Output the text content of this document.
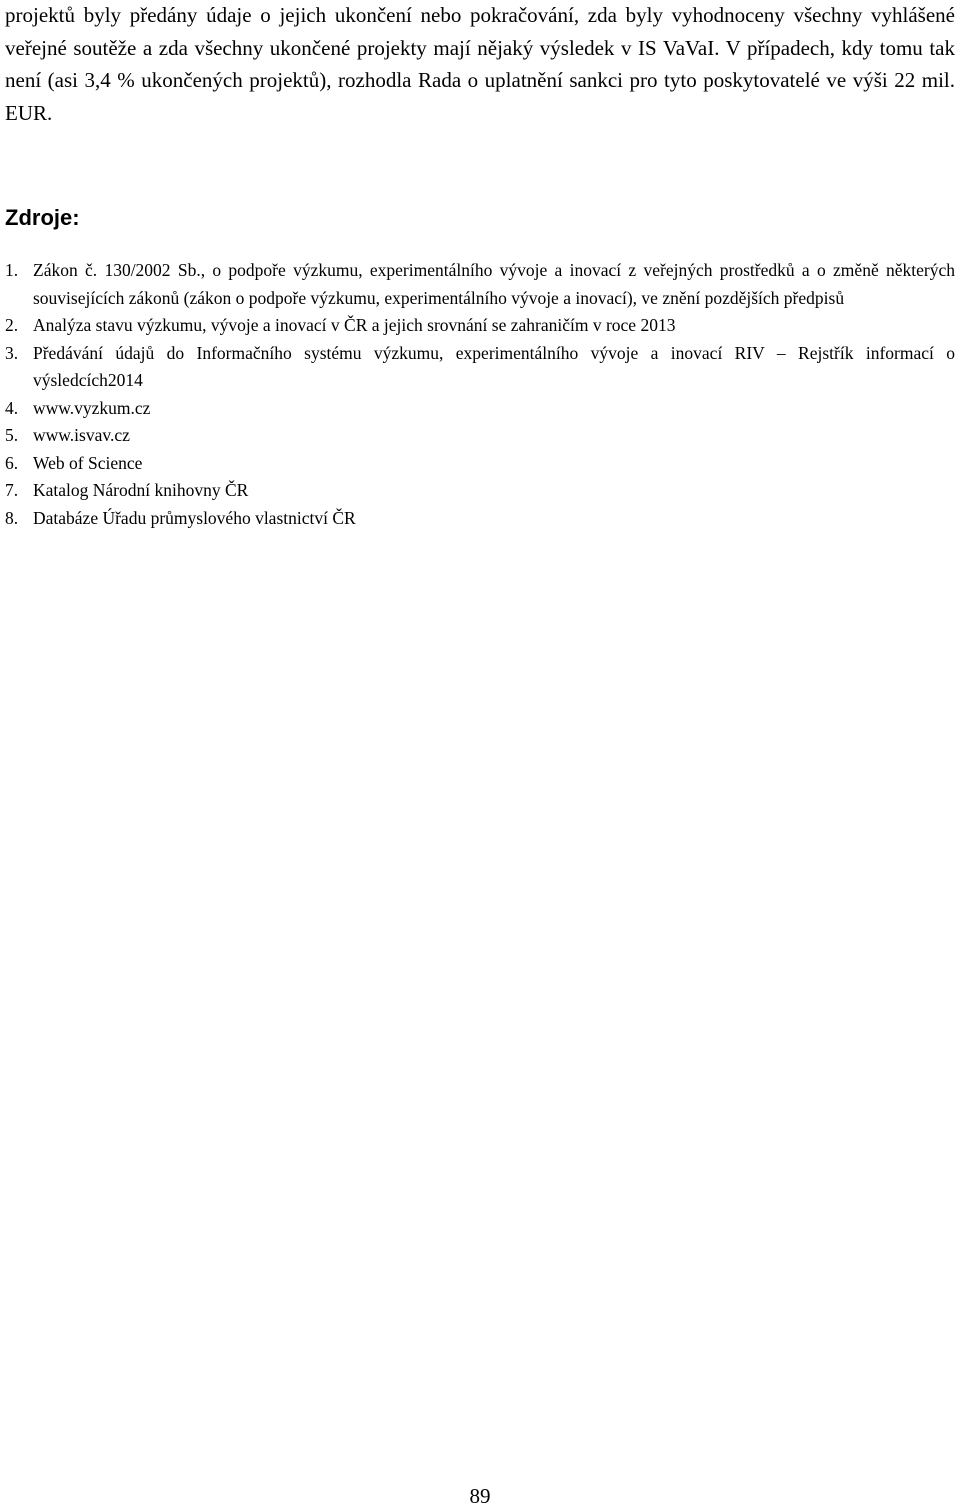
projektů byly předány údaje o jejich ukončení nebo pokračování, zda byly vyhodnoceny všechny vyhlášené veřejné soutěže a zda všechny ukončené projekty mají nějaký výsledek v IS VaVaI. V případech, kdy tomu tak není (asi 3,4 % ukončených projektů), rozhodla Rada o uplatnění sankci pro tyto poskytovatelé ve výši 22 mil. EUR.

Zdroje:
1. Zákon č. 130/2002 Sb., o podpoře výzkumu, experimentálního vývoje a inovací z veřejných prostředků a o změně některých souvisejících zákonů (zákon o podpoře výzkumu, experimentálního vývoje a inovací), ve znění pozdějších předpisů
2. Analýza stavu výzkumu, vývoje a inovací v ČR a jejich srovnání se zahraničím v roce 2013
3. Předávání údajů do Informačního systému výzkumu, experimentálního vývoje a inovací RIV – Rejstřík informací o výsledcích2014
4. www.vyzkum.cz
5. www.isvav.cz
6. Web of Science
7. Katalog Národní knihovny ČR
8. Databáze Úřadu průmyslového vlastnictví ČR
89
